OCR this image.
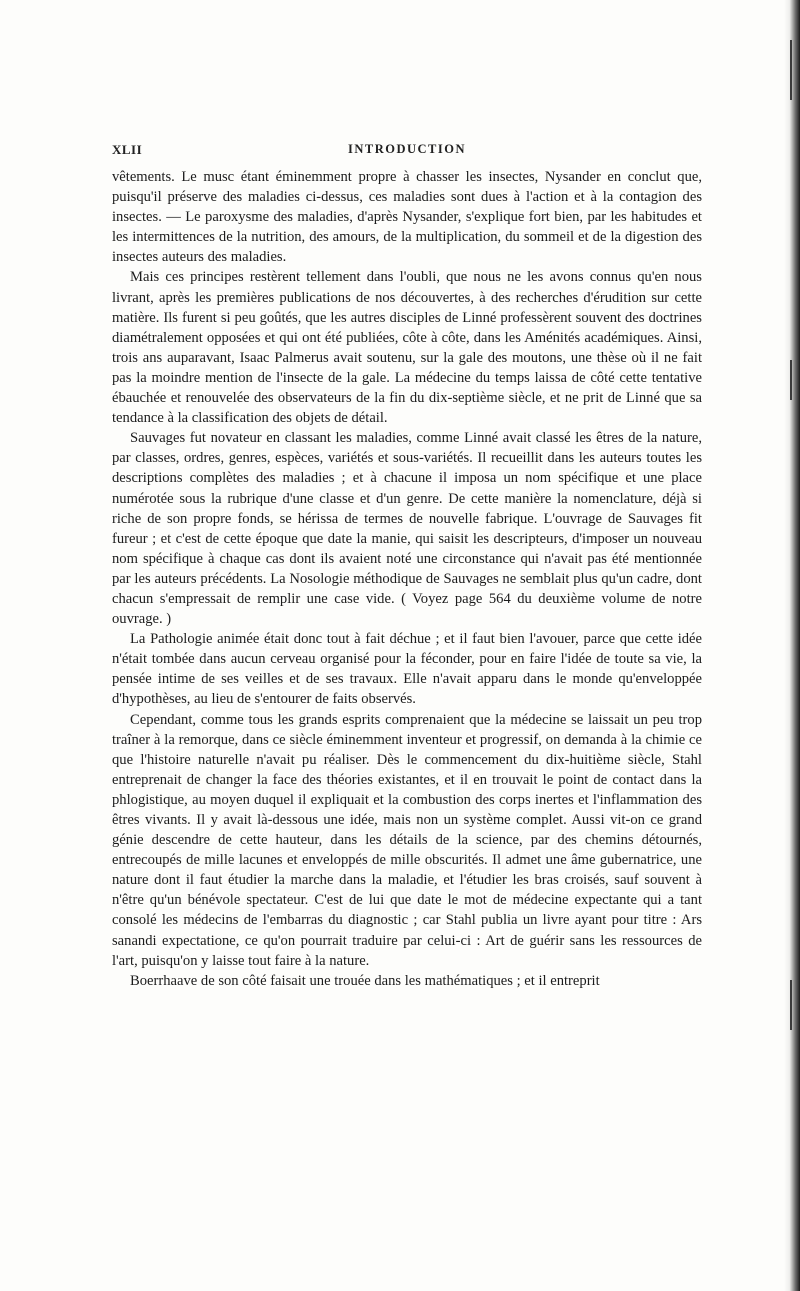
XLII	INTRODUCTION

vêtements. Le musc étant éminemment propre à chasser les insectes, Nysander en conclut que, puisqu'il préserve des maladies ci-dessus, ces maladies sont dues à l'action et à la contagion des insectes. — Le paroxysme des maladies, d'après Nysander, s'explique fort bien, par les habitudes et les intermittences de la nutrition, des amours, de la multiplication, du sommeil et de la digestion des insectes auteurs des maladies.

Mais ces principes restèrent tellement dans l'oubli, que nous ne les avons connus qu'en nous livrant, après les premières publications de nos découvertes, à des recherches d'érudition sur cette matière. Ils furent si peu goûtés, que les autres disciples de Linné professèrent souvent des doctrines diamétralement opposées et qui ont été publiées, côte à côte, dans les Aménités académiques. Ainsi, trois ans auparavant, Isaac Palmerus avait soutenu, sur la gale des moutons, une thèse où il ne fait pas la moindre mention de l'insecte de la gale. La médecine du temps laissa de côté cette tentative ébauchée et renouvelée des observateurs de la fin du dix-septième siècle, et ne prit de Linné que sa tendance à la classification des objets de détail.

Sauvages fut novateur en classant les maladies, comme Linné avait classé les êtres de la nature, par classes, ordres, genres, espèces, variétés et sous-variétés. Il recueillit dans les auteurs toutes les descriptions complètes des maladies ; et à chacune il imposa un nom spécifique et une place numérotée sous la rubrique d'une classe et d'un genre. De cette manière la nomenclature, déjà si riche de son propre fonds, se hérissa de termes de nouvelle fabrique. L'ouvrage de Sauvages fit fureur ; et c'est de cette époque que date la manie, qui saisit les descripteurs, d'imposer un nouveau nom spécifique à chaque cas dont ils avaient noté une circonstance qui n'avait pas été mentionnée par les auteurs précédents. La Nosologie méthodique de Sauvages ne semblait plus qu'un cadre, dont chacun s'empressait de remplir une case vide. ( Voyez page 564 du deuxième volume de notre ouvrage. )

La Pathologie animée était donc tout à fait déchue ; et il faut bien l'avouer, parce que cette idée n'était tombée dans aucun cerveau organisé pour la féconder, pour en faire l'idée de toute sa vie, la pensée intime de ses veilles et de ses travaux. Elle n'avait apparu dans le monde qu'enveloppée d'hypothèses, au lieu de s'entourer de faits observés.

Cependant, comme tous les grands esprits comprenaient que la médecine se laissait un peu trop traîner à la remorque, dans ce siècle éminemment inventeur et progressif, on demanda à la chimie ce que l'histoire naturelle n'avait pu réaliser. Dès le commencement du dix-huitième siècle, Stahl entreprenait de changer la face des théories existantes, et il en trouvait le point de contact dans la phlogistique, au moyen duquel il expliquait et la combustion des corps inertes et l'inflammation des êtres vivants. Il y avait là-dessous une idée, mais non un système complet. Aussi vit-on ce grand génie descendre de cette hauteur, dans les détails de la science, par des chemins détournés, entrecoupés de mille lacunes et enveloppés de mille obscurités. Il admet une âme gubernatrice, une nature dont il faut étudier la marche dans la maladie, et l'étudier les bras croisés, sauf souvent à n'être qu'un bénévole spectateur. C'est de lui que date le mot de médecine expectante qui a tant consolé les médecins de l'embarras du diagnostic ; car Stahl publia un livre ayant pour titre : Ars sanandi expectatione, ce qu'on pourrait traduire par celui-ci : Art de guérir sans les ressources de l'art, puisqu'on y laisse tout faire à la nature.

Boerrhaave de son côté faisait une trouée dans les mathématiques ; et il entreprit
